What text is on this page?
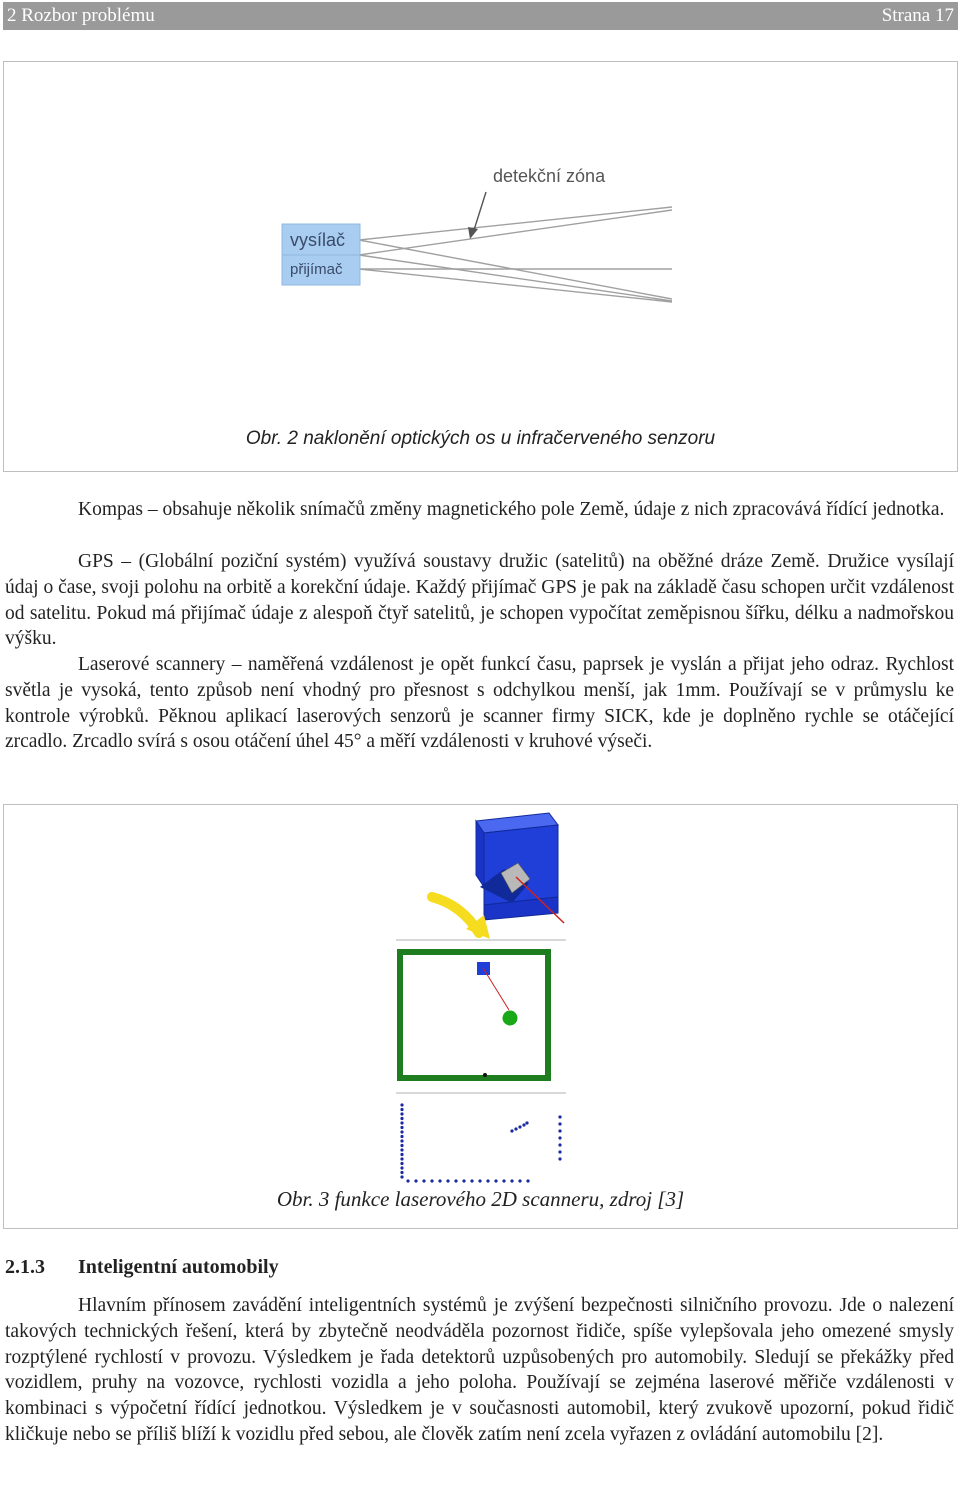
2 Rozbor problému	Strana 17
vysílač
přijímač
detekční zóna
Obr. 2 naklonění optických os u infračerveného senzoru
Kompas – obsahuje několik snímačů změny magnetického pole Země, údaje z nich zpracovává řídící jednotka.
GPS – (Globální poziční systém) využívá soustavy družic (satelitů) na oběžné dráze Země. Družice vysílají údaj o čase, svoji polohu na orbitě a korekční údaje. Každý přijímač GPS je pak na základě času schopen určit vzdálenost od satelitu. Pokud má přijímač údaje z alespoň čtyř satelitů, je schopen vypočítat zeměpisnou šířku, délku a nadmořskou výšku.
Laserové scannery – naměřená vzdálenost je opět funkcí času, paprsek je vyslán a přijat jeho odraz. Rychlost světla je vysoká, tento způsob není vhodný pro přesnost s odchylkou menší, jak 1mm. Používají se v průmyslu ke kontrole výrobků. Pěknou aplikací laserových senzorů je scanner firmy SICK, kde je doplněno rychle se otáčející zrcadlo. Zrcadlo svírá s osou otáčení úhel 45° a měří vzdálenosti v kruhové výseči.
Obr. 3 funkce laserového 2D scanneru, zdroj [3]
2.1.3 Inteligentní automobily
Hlavním přínosem zavádění inteligentních systémů je zvýšení bezpečnosti silničního provozu. Jde o nalezení takových technických řešení, která by zbytečně neodváděla pozornost řidiče, spíše vylepšovala jeho omezené smysly rozptýlené rychlostí v provozu. Výsledkem je řada detektorů uzpůsobených pro automobily. Sledují se překážky před vozidlem, pruhy na vozovce, rychlosti vozidla a jeho poloha. Používají se zejména laserové měřiče vzdálenosti v kombinaci s výpočetní řídící jednotkou. Výsledkem je v současnosti automobil, který zvukově upozorní, pokud řidič kličkuje nebo se příliš blíží k vozidlu před sebou, ale člověk zatím není zcela vyřazen z ovládání automobilu [2].
